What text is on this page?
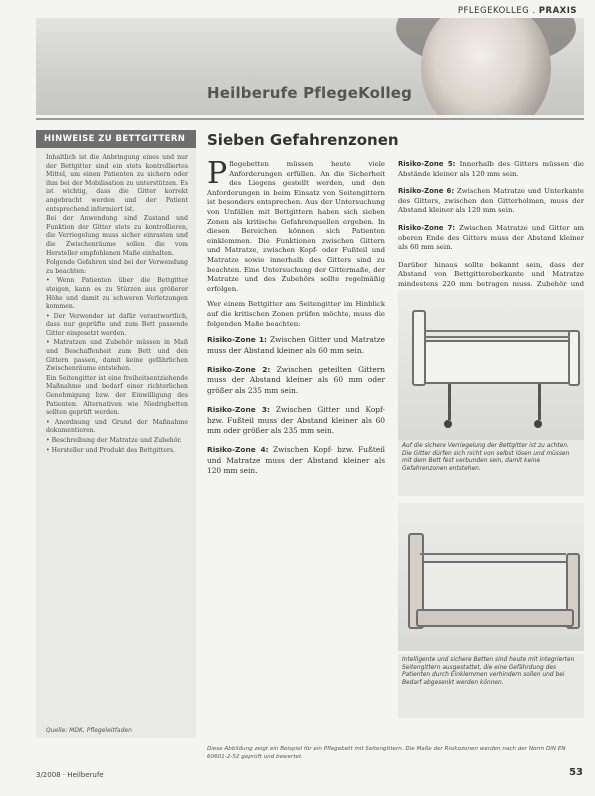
PFLEGEKOLLEG . PRAXIS
Heilberufe PflegeKolleg
HINWEISE ZU BETTGITTERN

Inhaltlich ist die Anbringung eines und nur der Bettgitter sind ein stets kontrolliertes Mittel, um einen Patienten zu sichern oder ihm bei der Mobilisation zu unterstützen. Es ist wichtig, dass die Gitter korrekt angebracht werden und der Patient entsprechend informiert ist.

Bei der Anwendung sind Zustand und Funktion der Gitter stets zu kontrollieren, die Verriegelung muss sicher einrasten und die Zwischenräume sollen die vom Hersteller empfohlenen Maße einhalten.

Folgende Gefahren sind bei der Verwendung zu beachten:

• Wenn Patienten über die Bettgitter steigen, kann es zu Stürzen aus größerer Höhe und damit zu schweren Verletzungen kommen.

• Der Verwender ist dafür verantwortlich, dass nur geprüfte und zum Bett passende Gitter eingesetzt werden.

• Matratzen und Zubehör müssen in Maß und Beschaffenheit zum Bett und den Gittern passen, damit keine gefährlichen Zwischenräume entstehen.

Ein Seitengitter ist eine freiheitsentziehende Maßnahme und bedarf einer richterlichen Genehmigung bzw. der Einwilligung des Patienten. Alternativen wie Niedrigbetten sollten geprüft werden.

• Anordnung und Grund der Maßnahme dokumentieren.

• Beschreibung der Matratze und Zubehör.

• Hersteller und Produkt des Bettgitters.

Quelle: MDK, Pflegeleitfaden
Sieben Gefahrenzonen

Pflegebetten müssen heute viele Anforderungen erfüllen. An die Sicherheit des Liegens gestellt werden, und den Anforderungen in beim Einsatz von Seitengittern ist besonders entsprechen. Aus der Untersuchung von Unfällen mit Bettgittern haben sich sieben Zonen als kritische Gefahrenquellen ergeben. In diesen Bereichen können sich Patienten einklemmen. Die Funktionen zwischen Gittern und Matratze, zwischen Kopf- oder Fußteil und Matratze sowie innerhalb des Gitters sind zu beachten. Eine Untersuchung der Gittermaße, der Matratze und des Zubehörs sollte regelmäßig erfolgen.

Wer einem Bettgitter am Seitengitter im Hinblick auf die kritischen Zonen prüfen möchte, muss die folgenden Maße beachten:

Risiko-Zone 1: Zwischen Gitter und Matratze muss der Abstand kleiner als 60 mm sein.

Risiko-Zone 2: Zwischen geteilten Gittern muss der Abstand kleiner als 60 mm oder größer als 235 mm sein.

Risiko-Zone 3: Zwischen Gitter und Kopf- bzw. Fußteil muss der Abstand kleiner als 60 mm oder größer als 235 mm sein.

Risiko-Zone 4: Zwischen Kopf- bzw. Fußteil und Matratze muss der Abstand kleiner als 120 mm sein.

Risiko-Zone 5: Innerhalb des Gitters müssen die Abstände kleiner als 120 mm sein.

Risiko-Zone 6: Zwischen Matratze und Unterkante des Gitters, zwischen den Gitterholmen, muss der Abstand kleiner als 120 mm sein.

Risiko-Zone 7: Zwischen Matratze und Gitter am oberen Ende des Gitters muss der Abstand kleiner als 60 mm sein.

Darüber hinaus sollte bekannt sein, dass der Abstand von Bettgitteroberkante und Matratze mindestens 220 mm betragen muss. Zubehör und

Auf die sichere Verriegelung der Bettgitter ist zu achten. Die Gitter dürfen sich nicht von selbst lösen und müssen mit dem Bett fest verbunden sein, damit keine Gefahrenzonen entstehen.
Intelligente und sichere Betten sind heute mit integrierten Seitengittern ausgestattet, die eine Gefährdung des Patienten durch Einklemmen verhindern sollen und bei Bedarf abgesenkt werden können.
Diese Abbildung zeigt ein Beispiel für ein Pflegebett mit Seitengittern. Die Maße der Risikozonen werden nach der Norm DIN EN 60601-2-52 geprüft und bewertet.
3/2008 · Heilberufe	53
